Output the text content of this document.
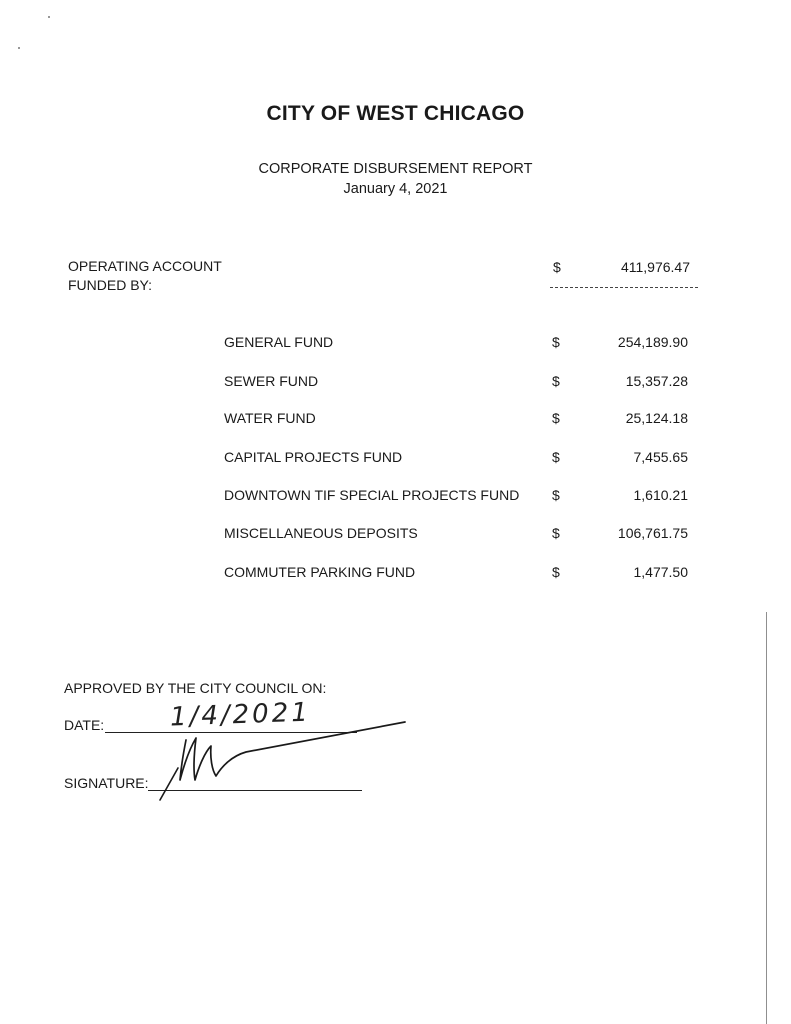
CITY OF WEST CHICAGO
CORPORATE DISBURSEMENT REPORT
January 4, 2021
OPERATING ACCOUNT
FUNDED BY:
$	411,976.47
GENERAL FUND	$	254,189.90
SEWER FUND	$	15,357.28
WATER FUND	$	25,124.18
CAPITAL PROJECTS FUND	$	7,455.65
DOWNTOWN TIF SPECIAL PROJECTS FUND $	1,610.21
MISCELLANEOUS DEPOSITS	$	106,761.75
COMMUTER PARKING FUND	$	1,477.50
APPROVED BY THE CITY COUNCIL ON:
DATE:	1/4/2021
SIGNATURE:
